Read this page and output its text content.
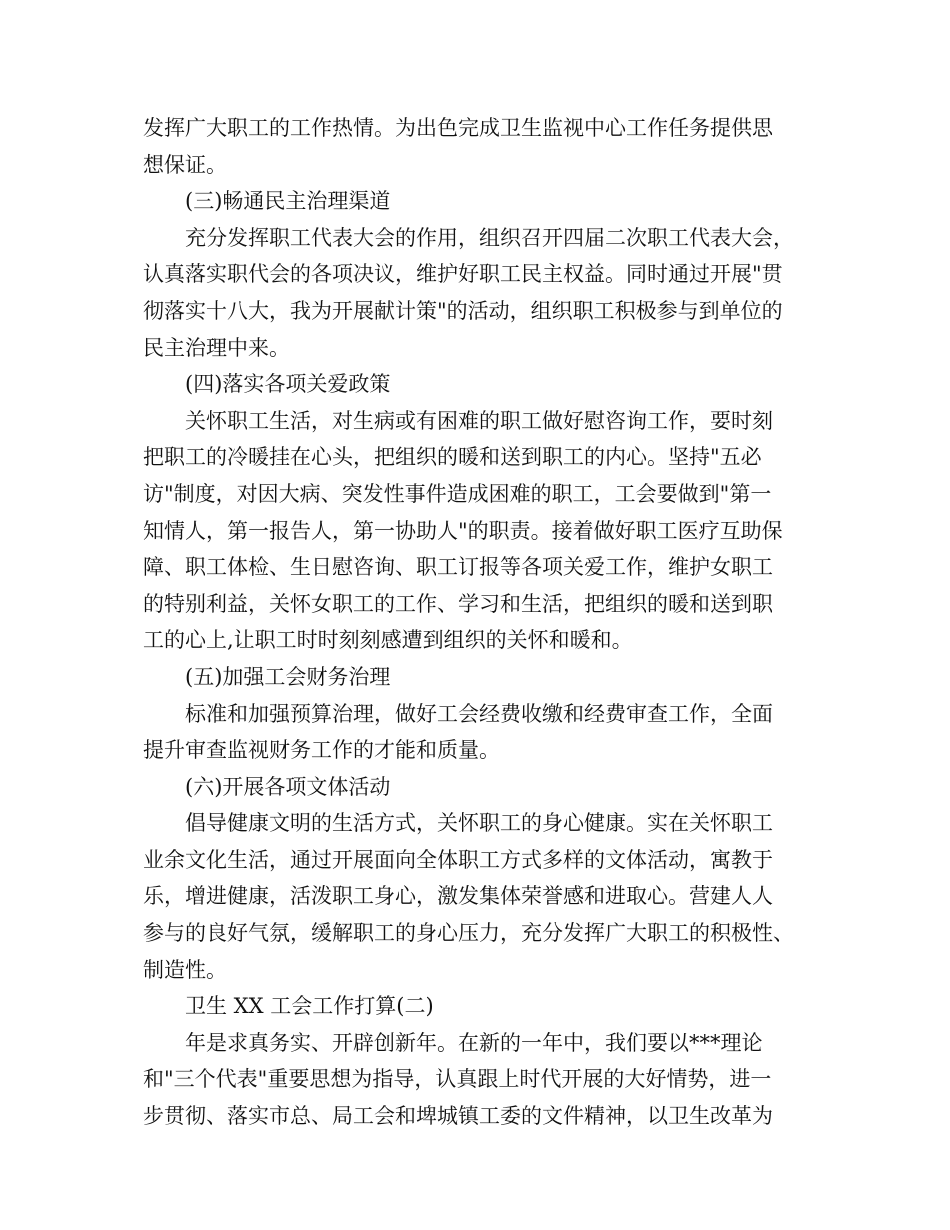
发挥广大职工的工作热情。为出色完成卫生监视中心工作任务提供思
想保证。
(三)畅通民主治理渠道
充分发挥职工代表大会的作用，组织召开四届二次职工代表大会，
认真落实职代会的各项决议，维护好职工民主权益。同时通过开展"贯
彻落实十八大，我为开展献计策"的活动，组织职工积极参与到单位的
民主治理中来。
(四)落实各项关爱政策
关怀职工生活，对生病或有困难的职工做好慰咨询工作，要时刻
把职工的冷暖挂在心头，把组织的暖和送到职工的内心。坚持"五必
访"制度，对因大病、突发性事件造成困难的职工，工会要做到"第一
知情人，第一报告人，第一协助人"的职责。接着做好职工医疗互助保
障、职工体检、生日慰咨询、职工订报等各项关爱工作，维护女职工
的特别利益，关怀女职工的工作、学习和生活，把组织的暖和送到职
工的心上,让职工时时刻刻感遭到组织的关怀和暖和。
(五)加强工会财务治理
标准和加强预算治理，做好工会经费收缴和经费审查工作，全面
提升审查监视财务工作的才能和质量。
(六)开展各项文体活动
倡导健康文明的生活方式，关怀职工的身心健康。实在关怀职工
业余文化生活，通过开展面向全体职工方式多样的文体活动，寓教于
乐，增进健康，活泼职工身心，激发集体荣誉感和进取心。营建人人
参与的良好气氛，缓解职工的身心压力，充分发挥广大职工的积极性、
制造性。
卫生 XX 工会工作打算(二)
年是求真务实、开辟创新年。在新的一年中，我们要以***理论
和"三个代表"重要思想为指导，认真跟上时代开展的大好情势，进一
步贯彻、落实市总、局工会和埤城镇工委的文件精神，以卫生改革为
